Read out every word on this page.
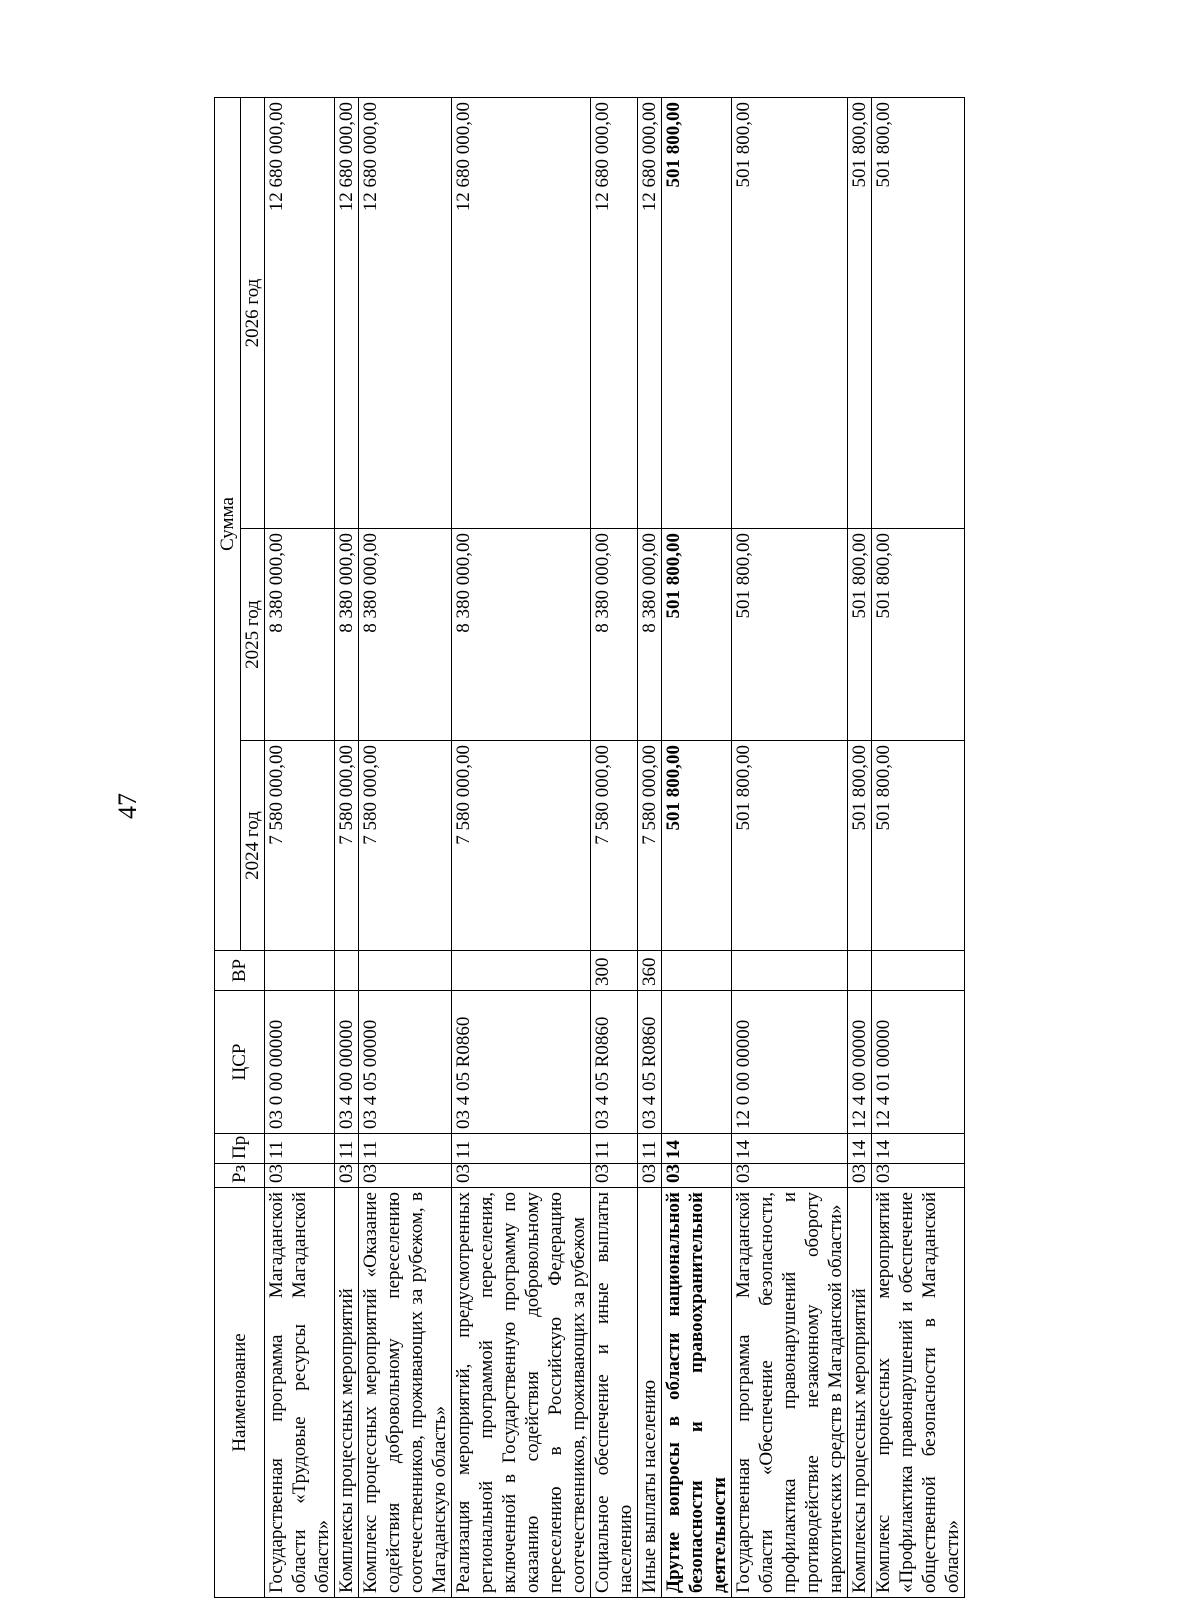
47
Наименование	Рз	Пр	ЦСР	ВР	Сумма		
					2024 год	2025 год	2026 год
Государственная программа Магаданской области «Трудовые ресурсы Магаданской области»	03	11	03 0 00 00000		7 580 000,00	8 380 000,00	12 680 000,00
Комплексы процессных мероприятий	03	11	03 4 00 00000		7 580 000,00	8 380 000,00	12 680 000,00
Комплекс процессных мероприятий «Оказание содействия добровольному переселению соотечественников, проживающих за рубежом, в Магаданскую область»	03	11	03 4 05 00000		7 580 000,00	8 380 000,00	12 680 000,00
Реализация мероприятий, предусмотренных региональной программой переселения, включенной в Государственную программу по оказанию содействия добровольному переселению в Российскую Федерацию соотечественников, проживающих за рубежом	03	11	03 4 05 R0860		7 580 000,00	8 380 000,00	12 680 000,00
Социальное обеспечение и иные выплаты населению	03	11	03 4 05 R0860	300	7 580 000,00	8 380 000,00	12 680 000,00
Иные выплаты населению	03	11	03 4 05 R0860	360	7 580 000,00	8 380 000,00	12 680 000,00
Другие вопросы в области национальной безопасности и правоохранительной деятельности	03	14			501 800,00	501 800,00	501 800,00
Государственная программа Магаданской области «Обеспечение безопасности, профилактика правонарушений и противодействие незаконному обороту наркотических средств в Магаданской области»	03	14	12 0 00 00000		501 800,00	501 800,00	501 800,00
Комплексы процессных мероприятий	03	14	12 4 00 00000		501 800,00	501 800,00	501 800,00
Комплекс процессных мероприятий «Профилактика правонарушений и обеспечение общественной безопасности в Магаданской области»	03	14	12 4 01 00000		501 800,00	501 800,00	501 800,00
